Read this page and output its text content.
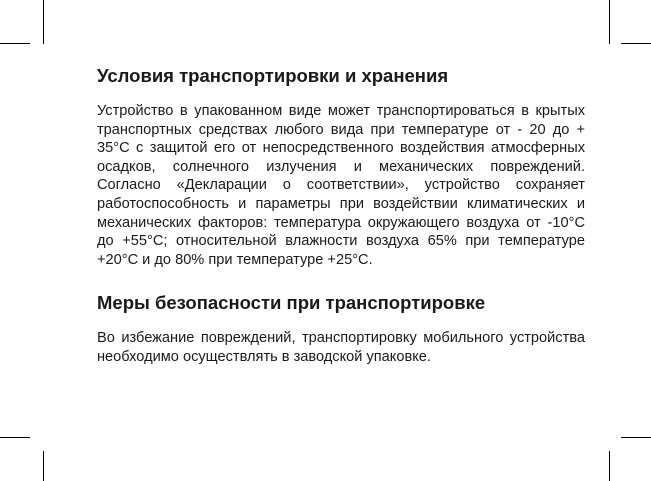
Условия транспортировки и хранения

Устройство в упакованном виде может транспортироваться в крытых транспортных средствах любого вида при температуре от - 20 до + 35°С с защитой его от непосредственного воздействия атмосферных осадков, солнечного излучения и механических повреждений. Согласно «Декларации о соответствии», устройство сохраняет работоспособность и параметры при воздействии климатических и механических факторов: температура окружающего воздуха от -10°С до +55°С; относительной влажности воздуха 65% при температуре +20°С и до 80% при температуре +25°С.

Меры безопасности при транспортировке

Во избежание повреждений, транспортировку мобильного устройства необходимо осуществлять в заводской упаковке.
